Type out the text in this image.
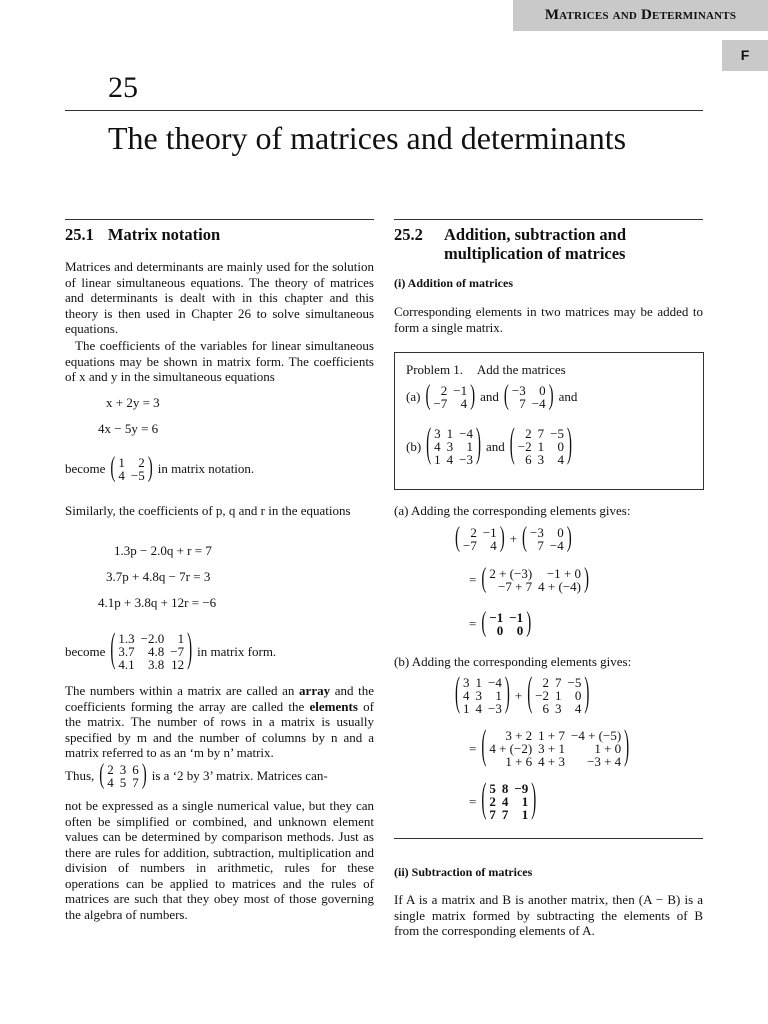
Matrices and Determinants
F
25
The theory of matrices and determinants
25.1 Matrix notation
Matrices and determinants are mainly used for the solution of linear simultaneous equations. The theory of matrices and determinants is dealt with in this chapter and this theory is then used in Chapter 26 to solve simultaneous equations.
The coefficients of the variables for linear simultaneous equations may be shown in matrix form. The coefficients of x and y in the simultaneous equations
x + 2y = 3
4x − 5y = 6
become ( 1	2
4	−5 ) in matrix notation.
Similarly, the coefficients of p, q and r in the equations
1.3p − 2.0q + r = 7
3.7p + 4.8q − 7r = 3
4.1p + 3.8q + 12r = −6
become ( 1.3	−2.0	1
3.7	4.8	−7
4.1	3.8	12 ) in matrix form.
The numbers within a matrix are called an array and the coefficients forming the array are called the elements of the matrix. The number of rows in a matrix is usually specified by m and the number of columns by n and a matrix referred to as an ‘m by n’ matrix.
Thus, ( 2	3	6
4	5	7 ) is a ‘2 by 3’ matrix. Matrices can-
not be expressed as a single numerical value, but they can often be simplified or combined, and unknown element values can be determined by comparison methods. Just as there are rules for addition, subtraction, multiplication and division of numbers in arithmetic, rules for these operations can be applied to matrices and the rules of matrices are such that they obey most of those governing the algebra of numbers.
25.2	Addition, subtraction and
multiplication of matrices
(i) Addition of matrices
Corresponding elements in two matrices may be added to form a single matrix.
Problem 1. Add the matrices
(a) ( 2	−1
−7	4 ) and ( −3	0
7	−4 ) and
(b) ( 3	1	−4
4	3	1
1	4	−3 ) and ( 2	7	−5
−2	1	0
6	3	4 )
(a) Adding the corresponding elements gives:
( 2	−1
−7	4 ) + ( −3	0
7	−4 )
= ( 2 + (−3)	−1 + 0
−7 + 7	4 + (−4) )
= ( −1	−1
0	0 )
(b) Adding the corresponding elements gives:
( 3	1	−4
4	3	1
1	4	−3 ) + ( 2	7	−5
−2	1	0
6	3	4 )
= ( 3 + 2	1 + 7	−4 + (−5)
4 + (−2)	3 + 1	1 + 0
1 + 6	4 + 3	−3 + 4 )
= ( 5	8	−9
2	4	1
7	7	1 )
(ii) Subtraction of matrices
If A is a matrix and B is another matrix, then (A − B) is a single matrix formed by subtracting the elements of B from the corresponding elements of A.
